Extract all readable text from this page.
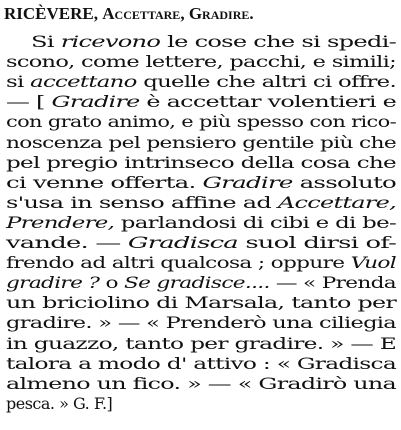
RICÈVERE, Accettare, Gradire.
Si ricevono le cose che si spedi-
scono, come lettere, pacchi, e simili;
si accettano quelle che altri ci offre.
— [ Gradire è accettar volentieri e
con grato animo, e più spesso con rico-
noscenza pel pensiero gentile più che
pel pregio intrinseco della cosa che
ci venne offerta. Gradire assoluto
s'usa in senso affine ad Accettare,
Prendere, parlandosi di cibi e di be-
vande. — Gradisca suol dirsi of-
frendo ad altri qualcosa ; oppure Vuol
gradire ? o Se gradisce.... — « Prenda
un briciolino di Marsala, tanto per
gradire. » — « Prenderò una ciliegia
in guazzo, tanto per gradire. » — E
talora a modo d' attivo : « Gradisca
almeno un fico. » — « Gradirò una
pesca. » G. F.]
